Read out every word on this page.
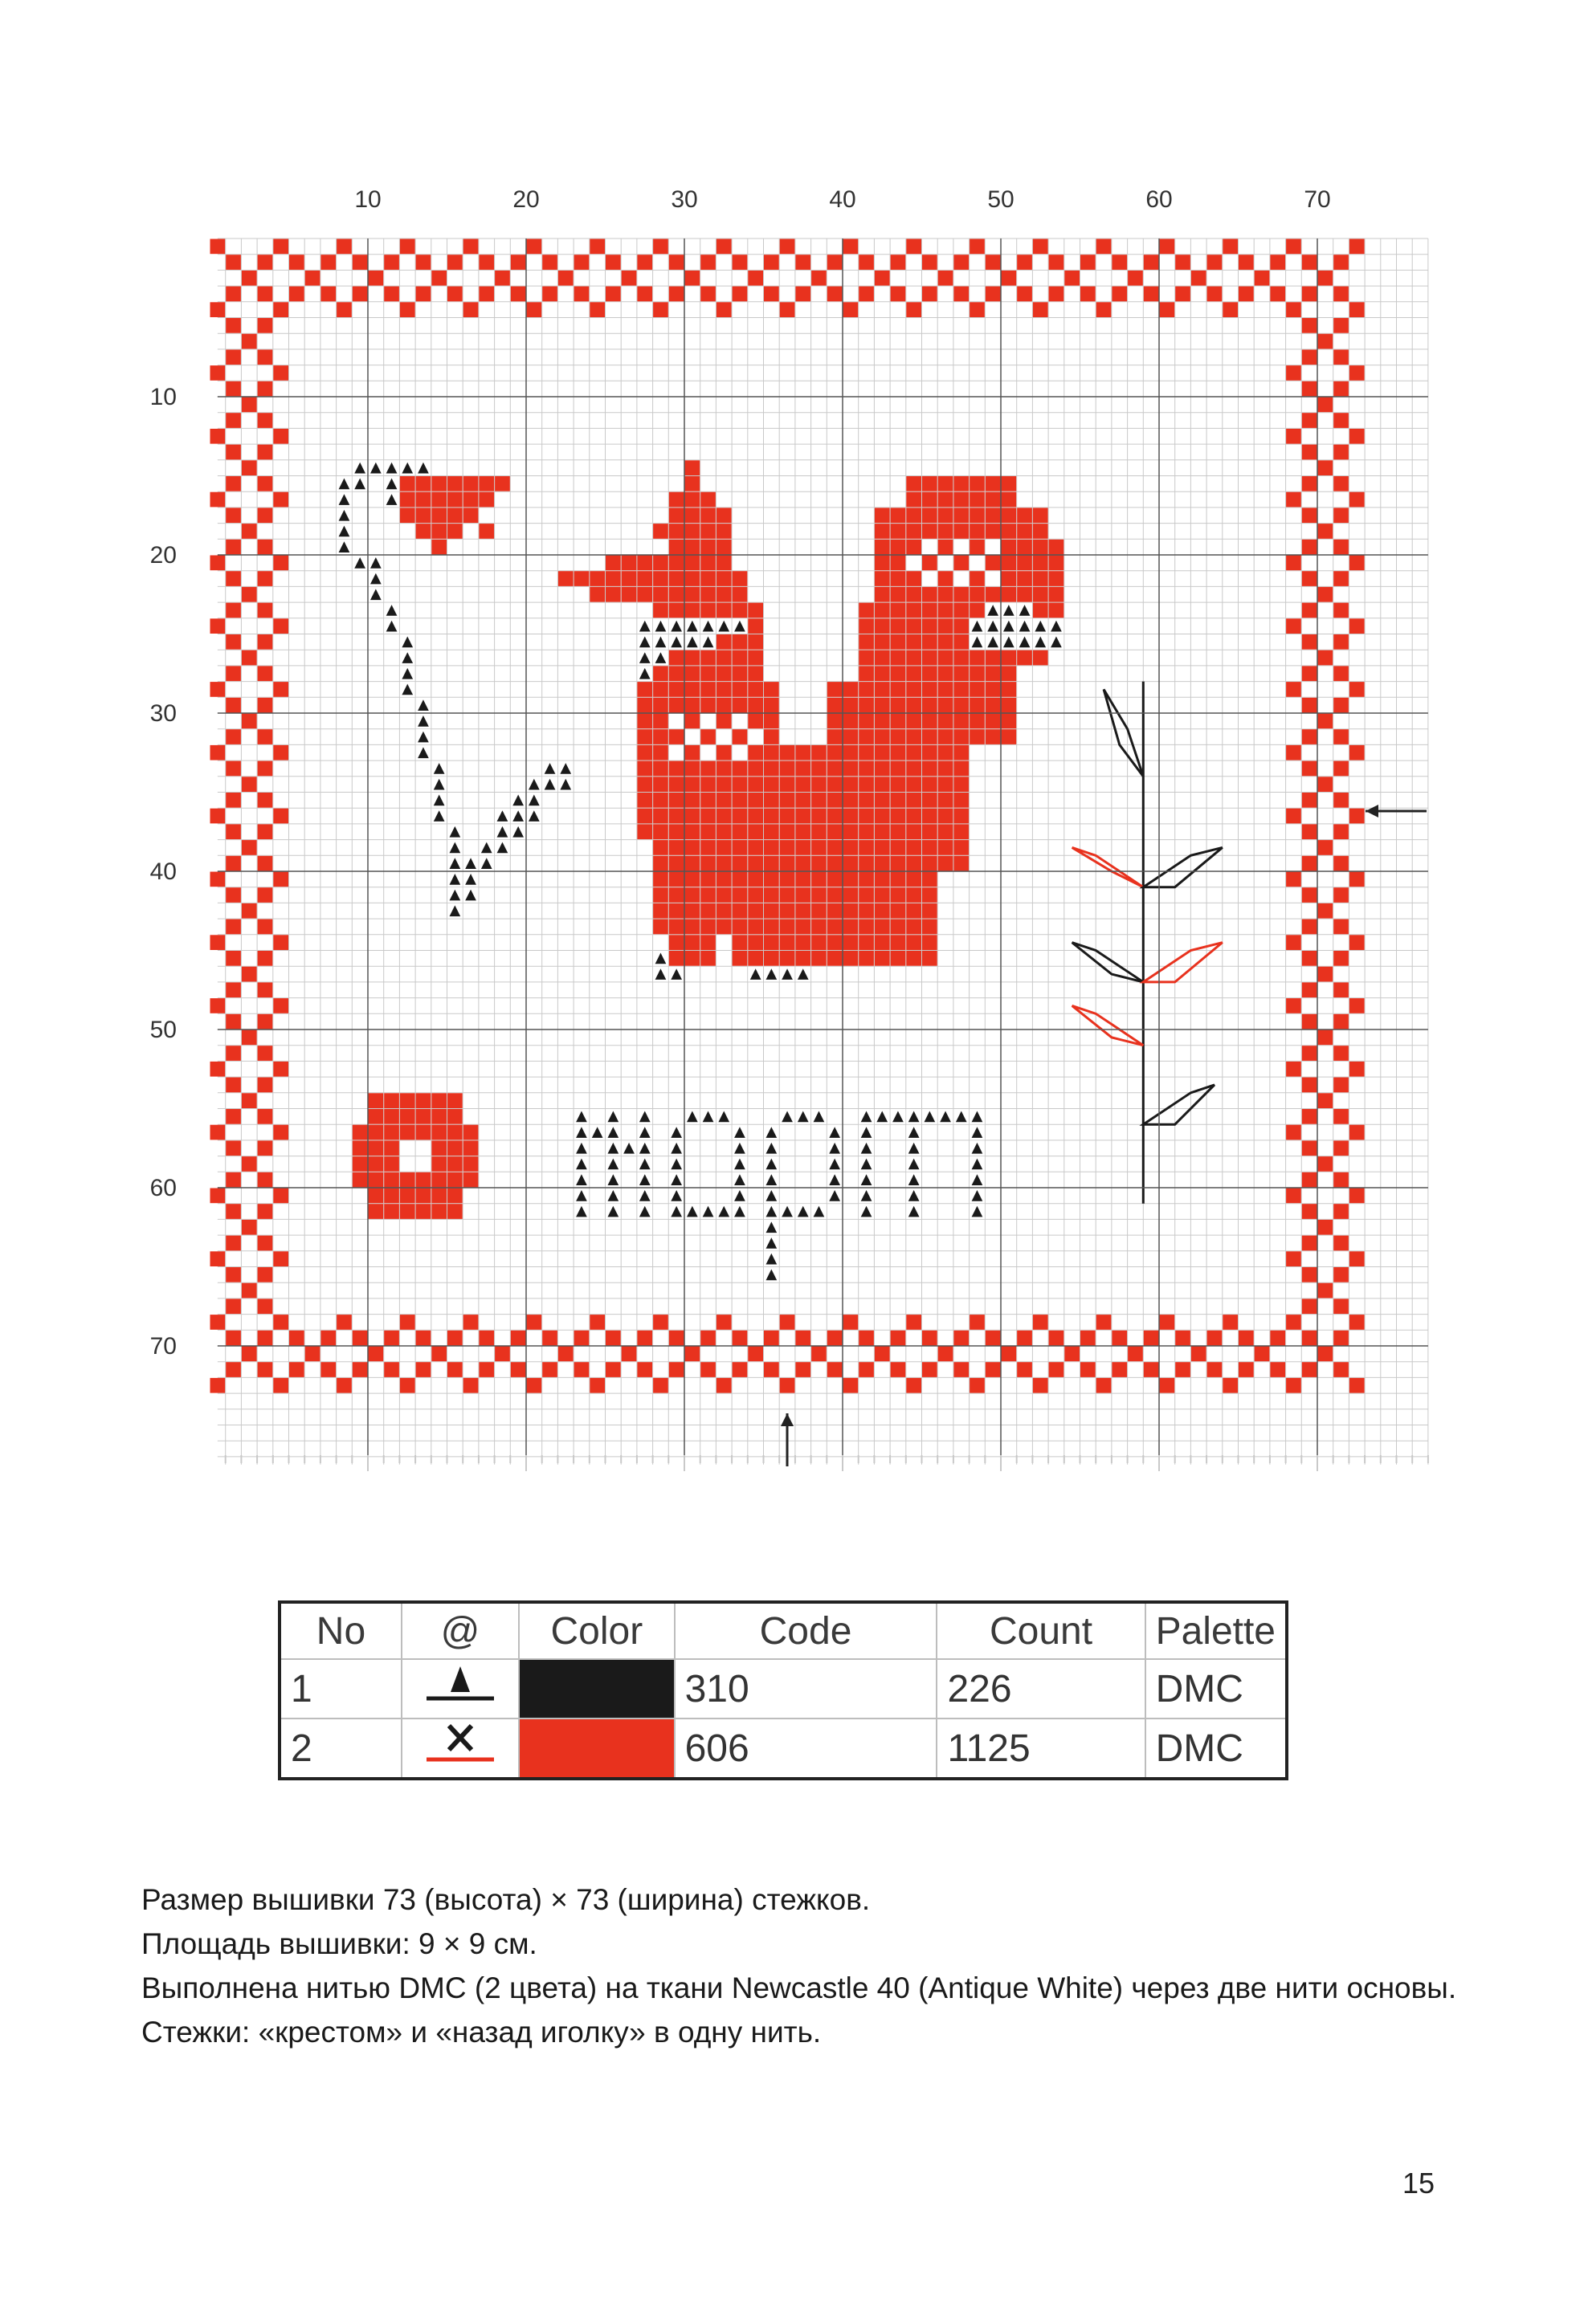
10	20	30	40	50	60	70
10
20
30
40
50
60
70
No	@	Color	Code	Count	Palette
1			310	226	DMC
2			606	1125	DMC

Размер вышивки 73 (высота) × 73 (ширина) стежков.

Площадь вышивки: 9 × 9 см.

Выполнена нитью DMC (2 цвета) на ткани Newcastle 40 (Antique White) через две нити основы.

Стежки: «крестом» и «назад иголку» в одну нить.

15
